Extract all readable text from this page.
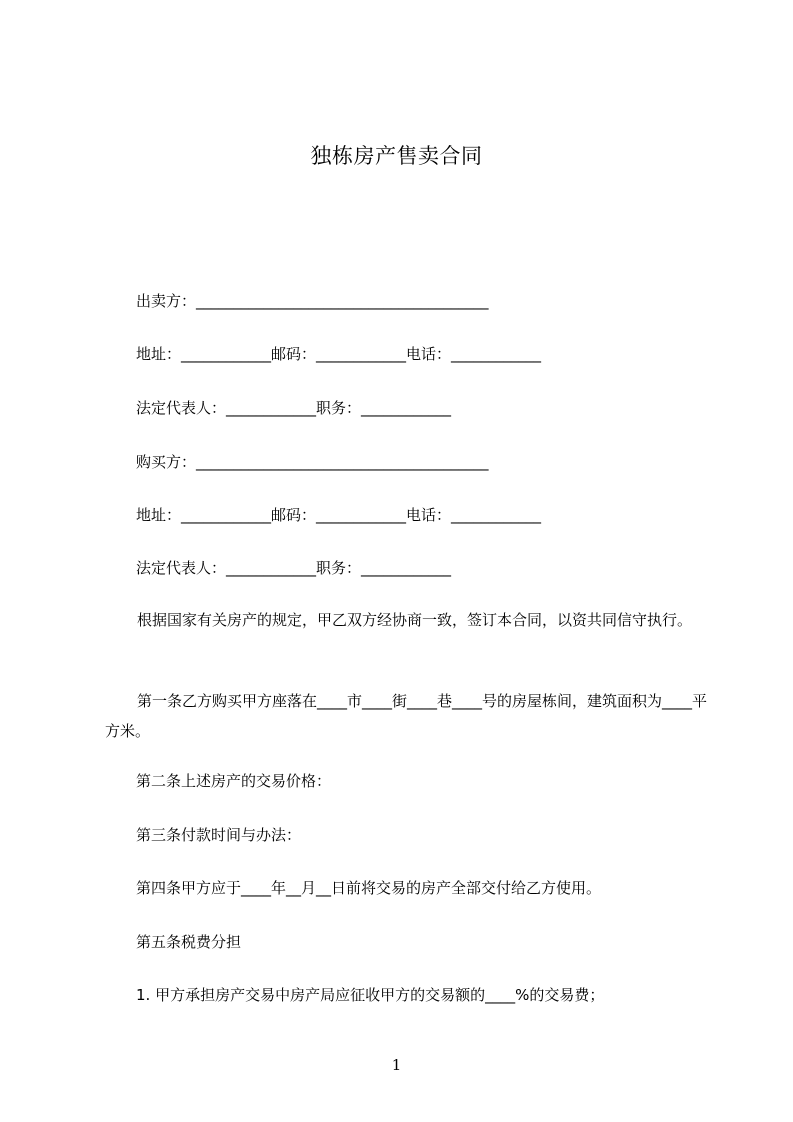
独栋房产售卖合同
出卖方：_______________________________________
地址：____________邮码：____________电话：____________
法定代表人：____________职务：____________
购买方：_______________________________________
地址：____________邮码：____________电话：____________
法定代表人：____________职务：____________
根据国家有关房产的规定，甲乙双方经协商一致，签订本合同，以资共同信守执行。
第一条乙方购买甲方座落在____市____街____巷____号的房屋栋间，建筑面积为____平方米。
第二条上述房产的交易价格：
第三条付款时间与办法：
第四条甲方应于____年__月__日前将交易的房产全部交付给乙方使用。
第五条税费分担
1. 甲方承担房产交易中房产局应征收甲方的交易额的____%的交易费；
1
